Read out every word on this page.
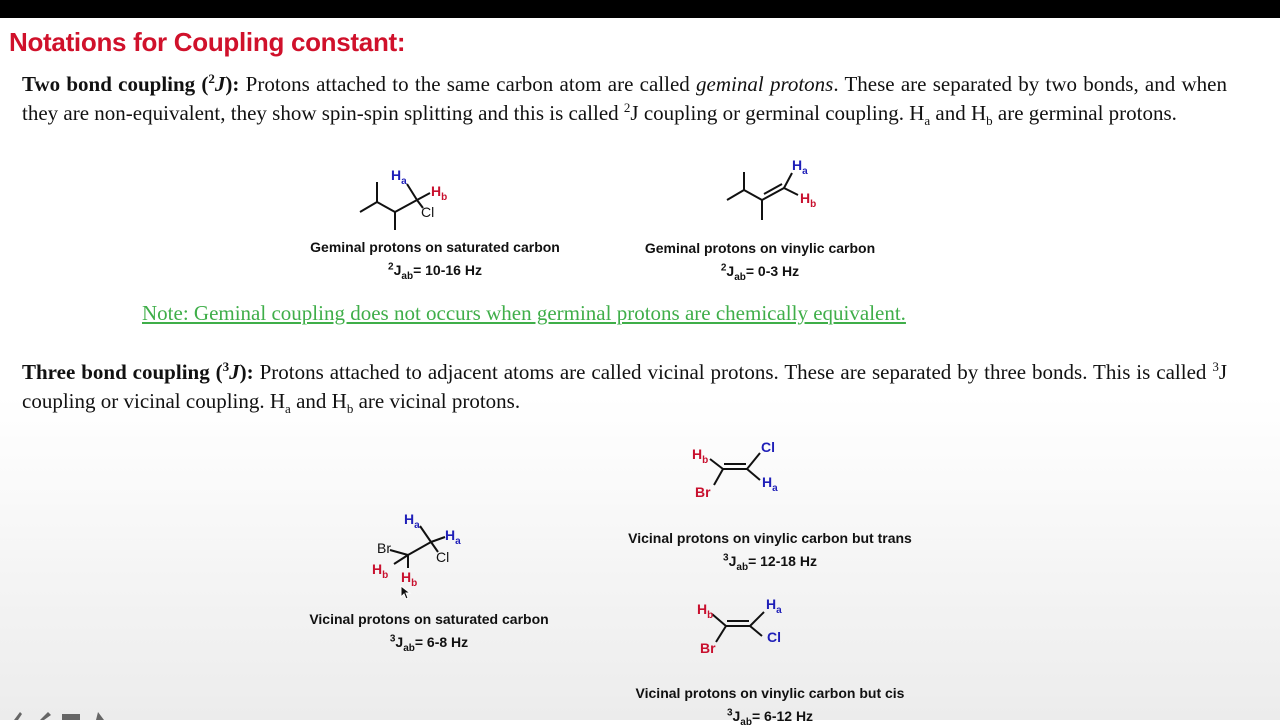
Notations for Coupling constant:

Two bond coupling ($^2$J): Protons attached to the same carbon atom are called geminal protons. These are separated by two bonds, and when they are non-equivalent, they show spin-spin splitting and this is called $^2$J coupling or germinal coupling. $H_a$ and $H_b$ are germinal protons.

$H_a$
$H_b$
Cl
Geminal protons on saturated carbon
$^2J_{ab}= 10-16$ Hz
$H_a$
$H_b$
Geminal protons on vinylic carbon
$^2J_{ab}= 0-3$ Hz

Note: Geminal coupling does not occurs when germinal protons are chemically equivalent.

Three bond coupling ($^3$J): Protons attached to adjacent atoms are called vicinal protons. These are separated by three bonds. This is called $^3$J coupling or vicinal coupling. $H_a$ and $H_b$ are vicinal protons.

$H_b$
Cl
$H_a$
Br
Vicinal protons on vinylic carbon but trans
$^3J_{ab}= 12-18$ Hz
Br
$H_a$
$H_a$
Cl
$H_b$ $H_b$
Vicinal protons on saturated carbon
$^3J_{ab}= 6-8$ Hz
$H_b$
$H_a$
Cl
Br
Vicinal protons on vinylic carbon but cis
$^3J_{ab}= 6-12$ Hz
